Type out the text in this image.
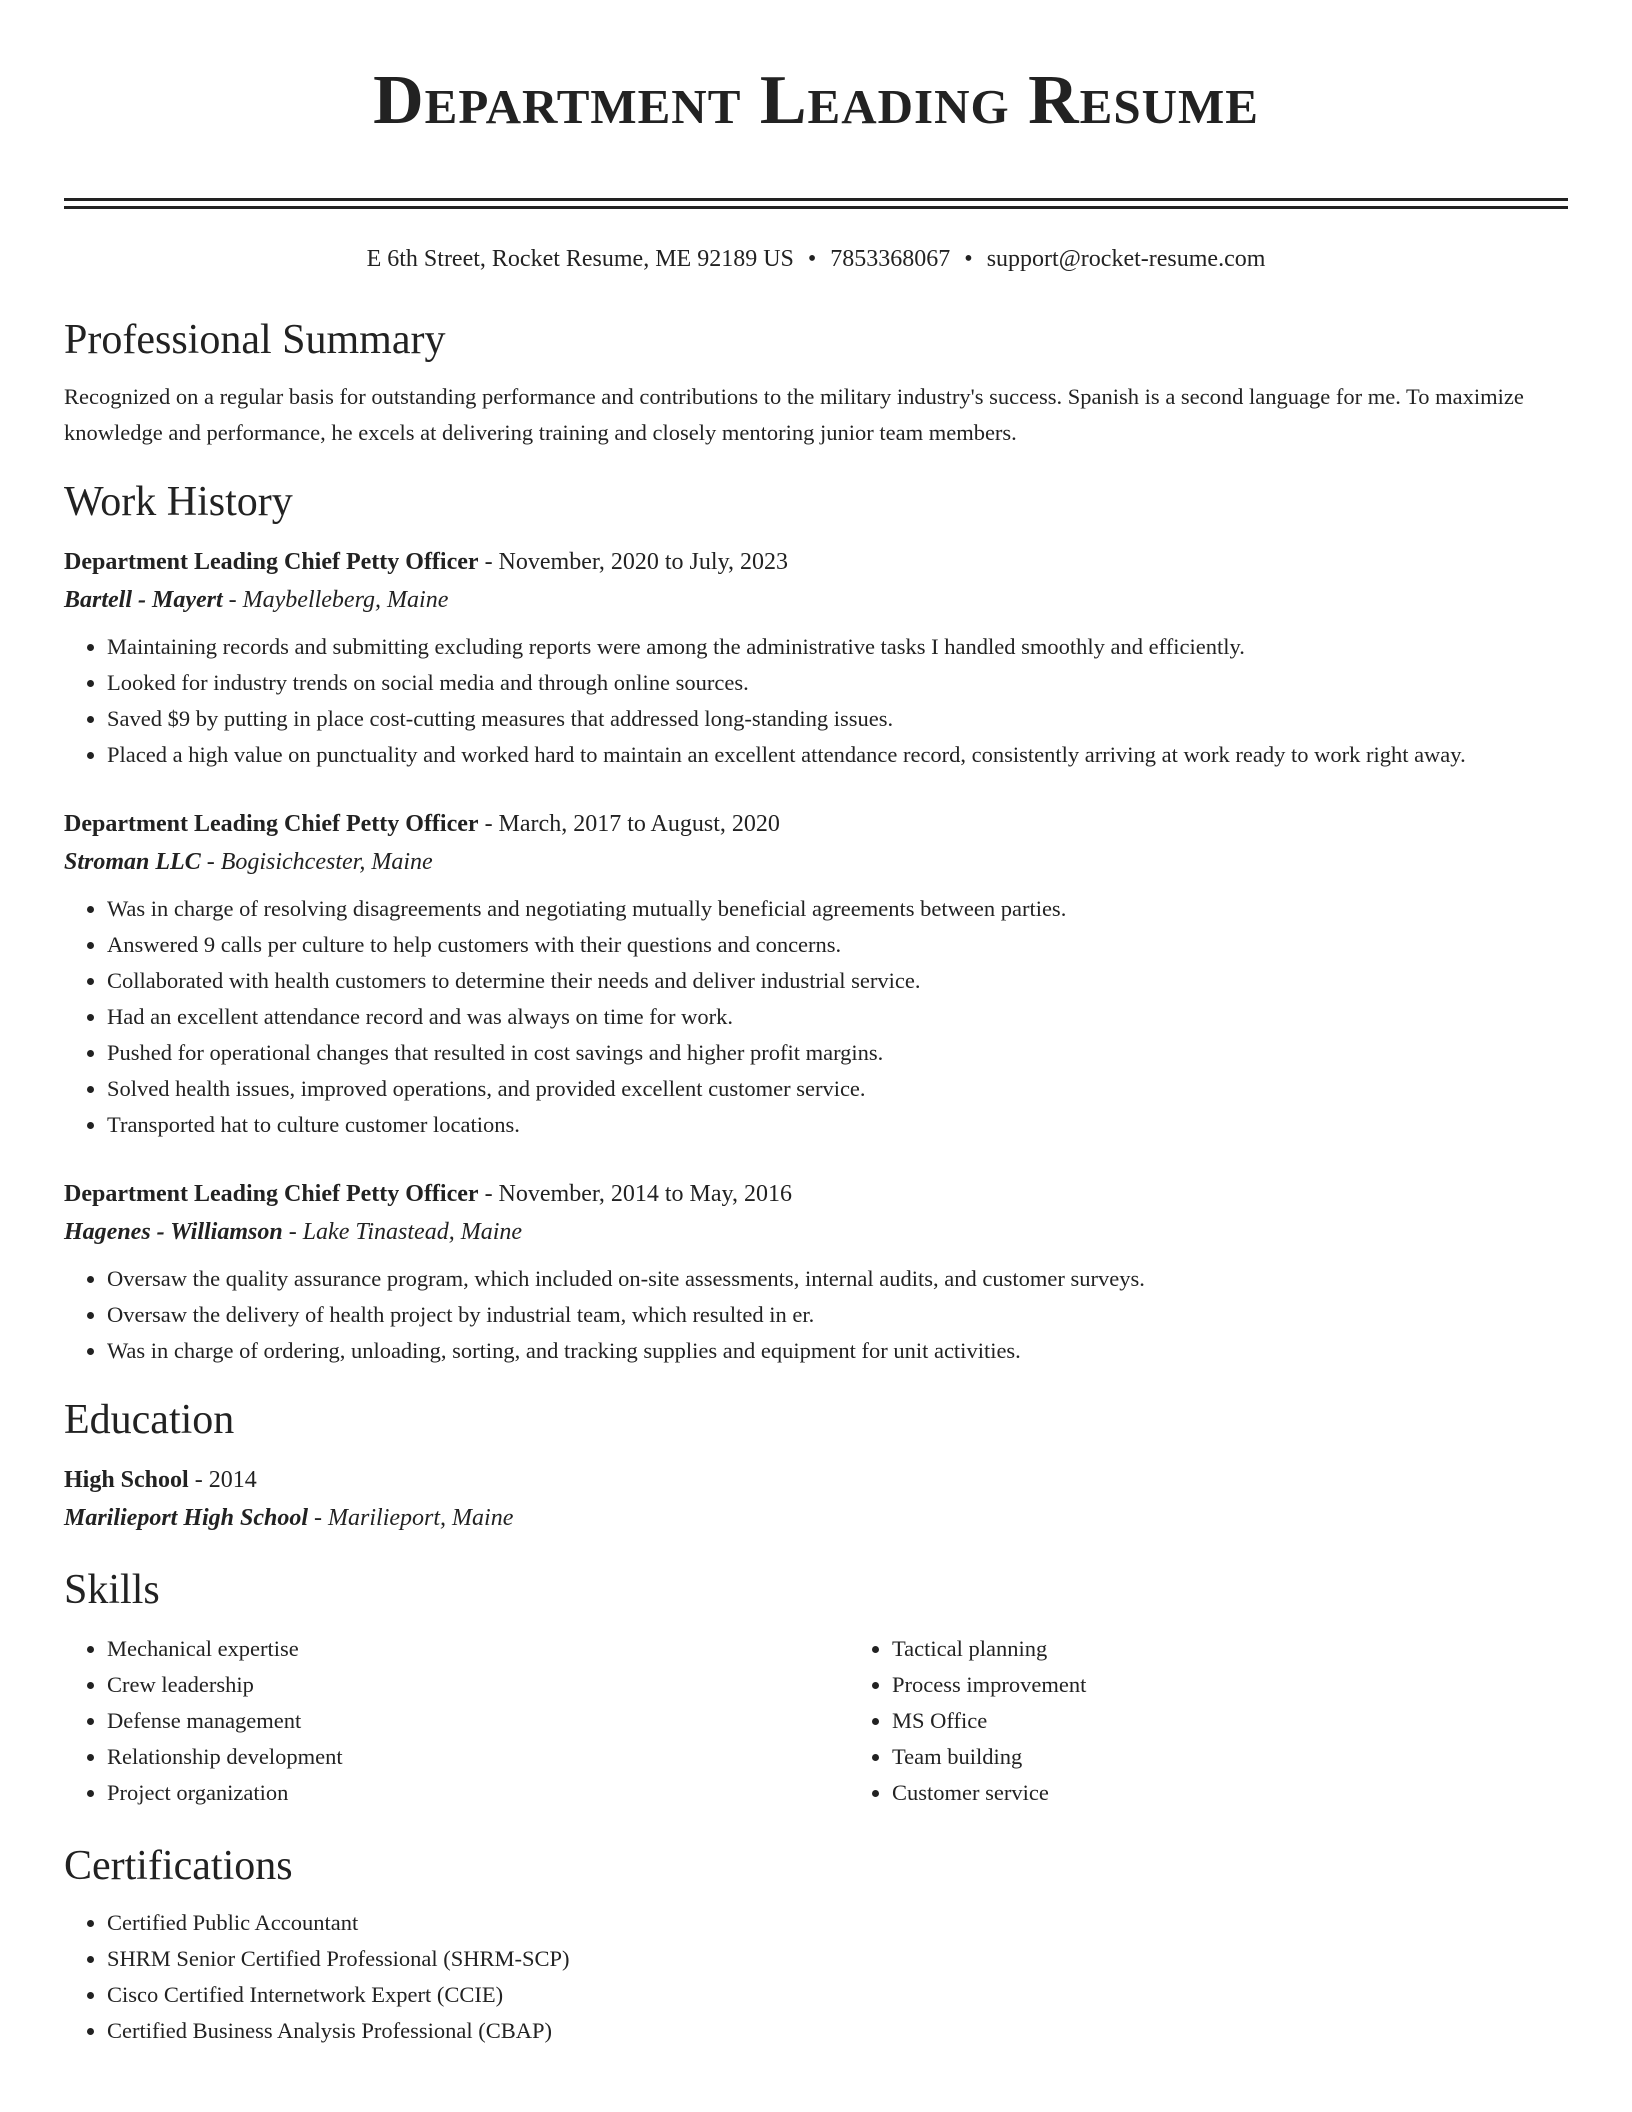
Department Leading Resume
E 6th Street, Rocket Resume, ME 92189 US • 7853368067 • support@rocket-resume.com
Professional Summary

Recognized on a regular basis for outstanding performance and contributions to the military industry's success. Spanish is a second language for me. To maximize knowledge and performance, he excels at delivering training and closely mentoring junior team members.

Work History
Department Leading Chief Petty Officer - November, 2020 to July, 2023
Bartell - Mayert - Maybelleberg, Maine
• Maintaining records and submitting excluding reports were among the administrative tasks I handled smoothly and efficiently.
• Looked for industry trends on social media and through online sources.
• Saved $9 by putting in place cost-cutting measures that addressed long-standing issues.
• Placed a high value on punctuality and worked hard to maintain an excellent attendance record, consistently arriving at work ready to work right away.
Department Leading Chief Petty Officer - March, 2017 to August, 2020
Stroman LLC - Bogisichcester, Maine
• Was in charge of resolving disagreements and negotiating mutually beneficial agreements between parties.
• Answered 9 calls per culture to help customers with their questions and concerns.
• Collaborated with health customers to determine their needs and deliver industrial service.
• Had an excellent attendance record and was always on time for work.
• Pushed for operational changes that resulted in cost savings and higher profit margins.
• Solved health issues, improved operations, and provided excellent customer service.
• Transported hat to culture customer locations.
Department Leading Chief Petty Officer - November, 2014 to May, 2016
Hagenes - Williamson - Lake Tinastead, Maine
• Oversaw the quality assurance program, which included on-site assessments, internal audits, and customer surveys.
• Oversaw the delivery of health project by industrial team, which resulted in er.
• Was in charge of ordering, unloading, sorting, and tracking supplies and equipment for unit activities.
Education
High School - 2014
Marilieport High School - Marilieport, Maine
Skills
• Mechanical expertise
• Crew leadership
• Defense management
• Relationship development
• Project organization
• Tactical planning
• Process improvement
• MS Office
• Team building
• Customer service
Certifications
• Certified Public Accountant
• SHRM Senior Certified Professional (SHRM-SCP)
• Cisco Certified Internetwork Expert (CCIE)
• Certified Business Analysis Professional (CBAP)
